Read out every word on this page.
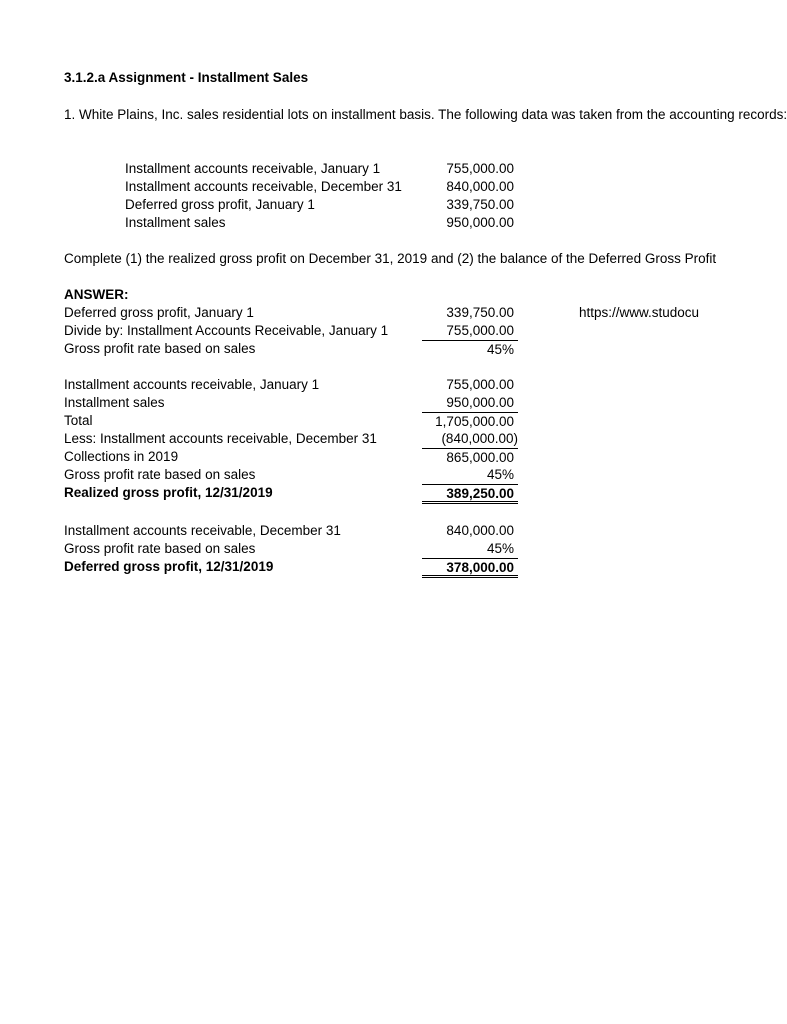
3.1.2.a Assignment - Installment Sales
1. White Plains, Inc. sales residential lots on installment basis. The following data was taken from the accounting records:
Installment accounts receivable, January 1	755,000.00
Installment accounts receivable, December 31	840,000.00
Deferred gross profit, January 1	339,750.00
Installment sales	950,000.00
Complete (1) the realized gross profit on December 31, 2019 and (2) the balance of the Deferred Gross Profit
ANSWER:
https://www.studocu
Deferred gross profit, January 1	339,750.00
Divide by: Installment Accounts Receivable, January 1	755,000.00
Gross profit rate based on sales	45%
Installment accounts receivable, January 1	755,000.00
Installment sales	950,000.00
Total	1,705,000.00
Less: Installment accounts receivable, December 31	(840,000.00)
Collections in 2019	865,000.00
Gross profit rate based on sales	45%
Realized gross profit, 12/31/2019	389,250.00
Installment accounts receivable, December 31	840,000.00
Gross profit rate based on sales	45%
Deferred gross profit, 12/31/2019	378,000.00
